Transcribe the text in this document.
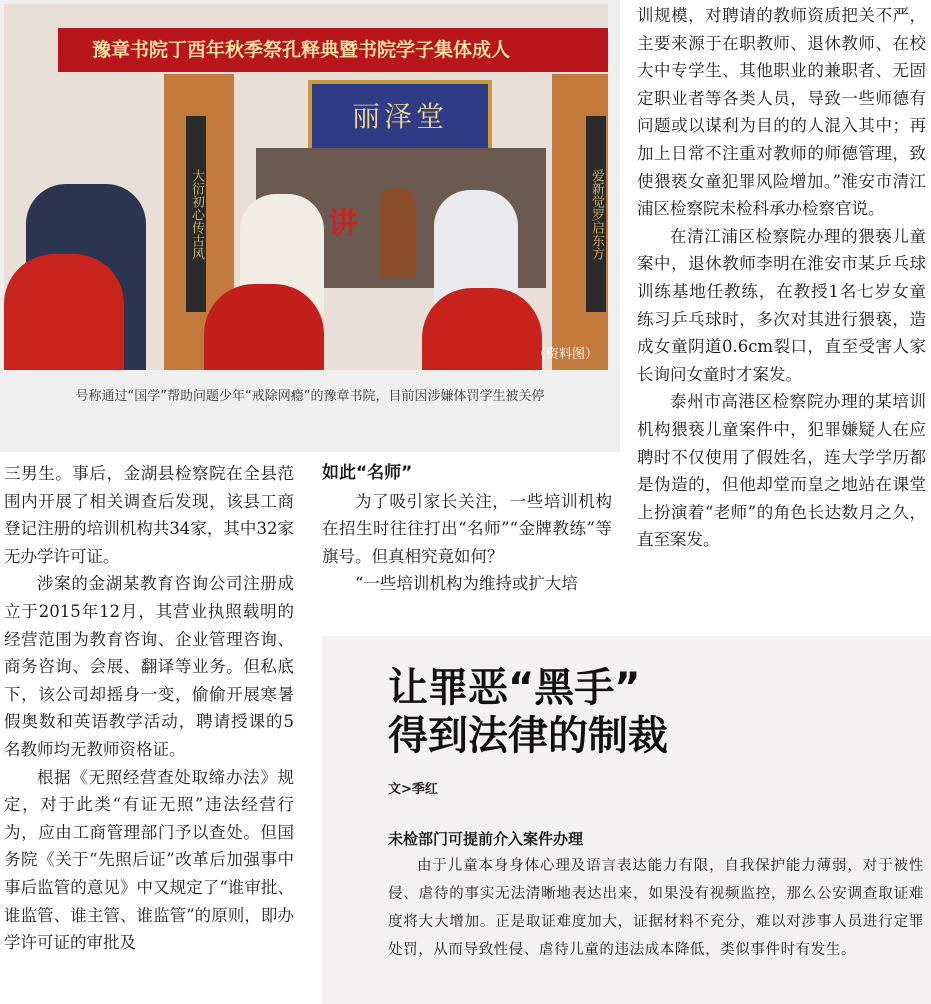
豫章书院丁酉年秋季祭孔释典暨书院学子集体成人
丽泽堂
大衍初心传古风	爱新觉罗启东方
讲
（资料图）
号称通过“国学”帮助问题少年“戒除网瘾”的豫章书院，目前因涉嫌体罚学生被关停

训规模，对聘请的教师资质把关不严，主要来源于在职教师、退休教师、在校大中专学生、其他职业的兼职者、无固定职业者等各类人员，导致一些师德有问题或以谋利为目的的人混入其中；再加上日常不注重对教师的师德管理，致使猥亵女童犯罪风险增加。”淮安市清江浦区检察院未检科承办检察官说。

在清江浦区检察院办理的猥亵儿童案中，退休教师李明在淮安市某乒乓球训练基地任教练，在教授1名七岁女童练习乒乓球时，多次对其进行猥亵，造成女童阴道0.6cm裂口，直至受害人家长询问女童时才案发。

泰州市高港区检察院办理的某培训机构猥亵儿童案件中，犯罪嫌疑人在应聘时不仅使用了假姓名，连大学学历都是伪造的，但他却堂而皇之地站在课堂上扮演着“老师”的角色长达数月之久，直至案发。

三男生。事后，金湖县检察院在全县范围内开展了相关调查后发现，该县工商登记注册的培训机构共34家，其中32家无办学许可证。

涉案的金湖某教育咨询公司注册成立于2015年12月，其营业执照载明的经营范围为教育咨询、企业管理咨询、商务咨询、会展、翻译等业务。但私底下，该公司却摇身一变，偷偷开展寒暑假奥数和英语教学活动，聘请授课的5名教师均无教师资格证。

根据《无照经营查处取缔办法》规定，对于此类“有证无照”违法经营行为，应由工商管理部门予以查处。但国务院《关于“先照后证”改革后加强事中事后监管的意见》中又规定了“谁审批、谁监管、谁主管、谁监管”的原则，即办学许可证的审批及

如此“名师”

为了吸引家长关注，一些培训机构在招生时往往打出“名师”“金牌教练”等旗号。但真相究竟如何？

“一些培训机构为维持或扩大培

让罪恶“黑手”
得到法律的制裁
文>季红
未检部门可提前介入案件办理

由于儿童本身身体心理及语言表达能力有限，自我保护能力薄弱，对于被性侵、虐待的事实无法清晰地表达出来，如果没有视频监控，那么公安调查取证难度将大大增加。正是取证难度加大，证据材料不充分，难以对涉事人员进行定罪处罚，从而导致性侵、虐待儿童的违法成本降低，类似事件时有发生。
